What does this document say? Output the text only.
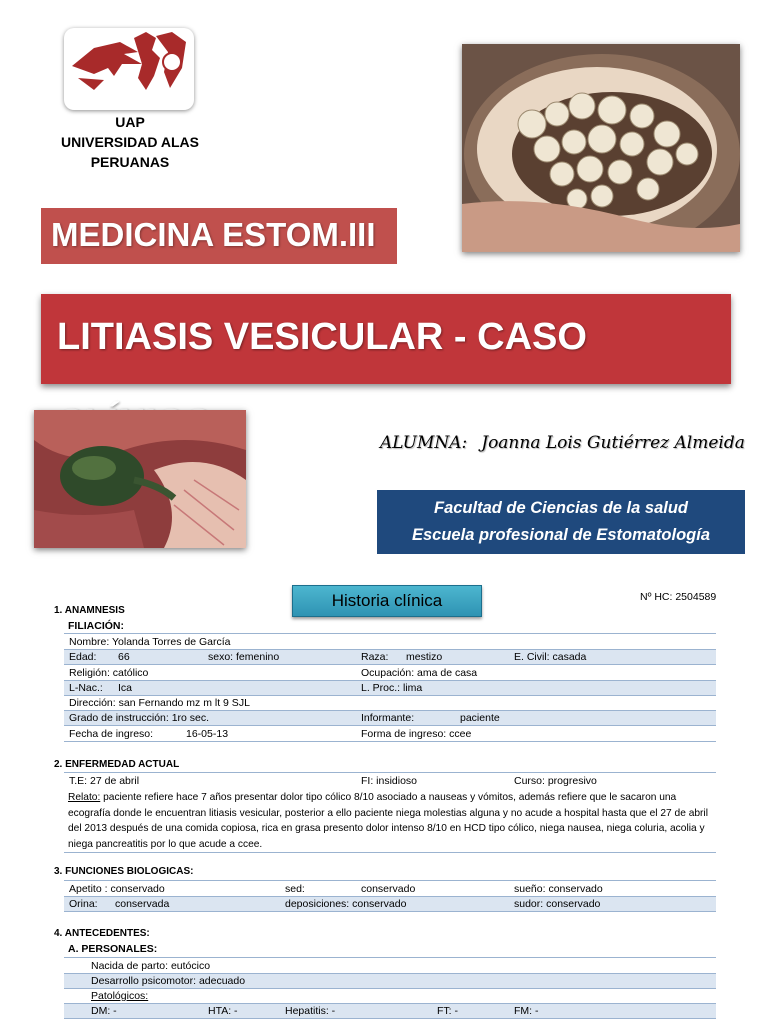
UAP
UNIVERSIDAD ALAS
PERUANAS
MEDICINA ESTOM.III
LITIASIS VESICULAR - CASO
ALUMNA: Joanna Lois Gutiérrez Almeida
Facultad de Ciencias de la salud
Escuela profesional de Estomatología
Historia clínica	Nº HC: 2504589
1. ANAMNESIS
FILIACIÓN:
Nombre: Yolanda Torres de García
Edad: 66	sexo: femenino	Raza: mestizo	E. Civil: casada
Religión: católico	Ocupación: ama de casa
L-Nac.: Ica	L. Proc.: lima
Dirección: san Fernando mz m lt 9 SJL
Grado de instrucción: 1ro sec.	Informante:	paciente
Fecha de ingreso:	16-05-13	Forma de ingreso: ccee
2. ENFERMEDAD ACTUAL
T.E: 27 de abril	FI: insidioso	Curso: progresivo
Relato: paciente refiere hace 7 años presentar dolor tipo cólico 8/10 asociado a nauseas y vómitos, además refiere que le sacaron una ecografía donde le encuentran litiasis vesicular, posterior a ello paciente niega molestias alguna y no acude a hospital hasta que el 27 de abril del 2013 después de una comida copiosa, rica en grasa presento dolor intenso 8/10 en HCD tipo cólico, niega nausea, niega coluria, acolia y niega pancreatitis por lo que acude a ccee.
3. FUNCIONES BIOLOGICAS:
Apetito : conservado	sed:	conservado	sueño: conservado
Orina: conservada	deposiciones: conservado	sudor: conservado
4. ANTECEDENTES:
A. PERSONALES:
Nacida de parto: eutócico
Desarrollo psicomotor: adecuado
Patológicos:
DM: -	HTA: -	Hepatitis: -	FT: -	FM: -
